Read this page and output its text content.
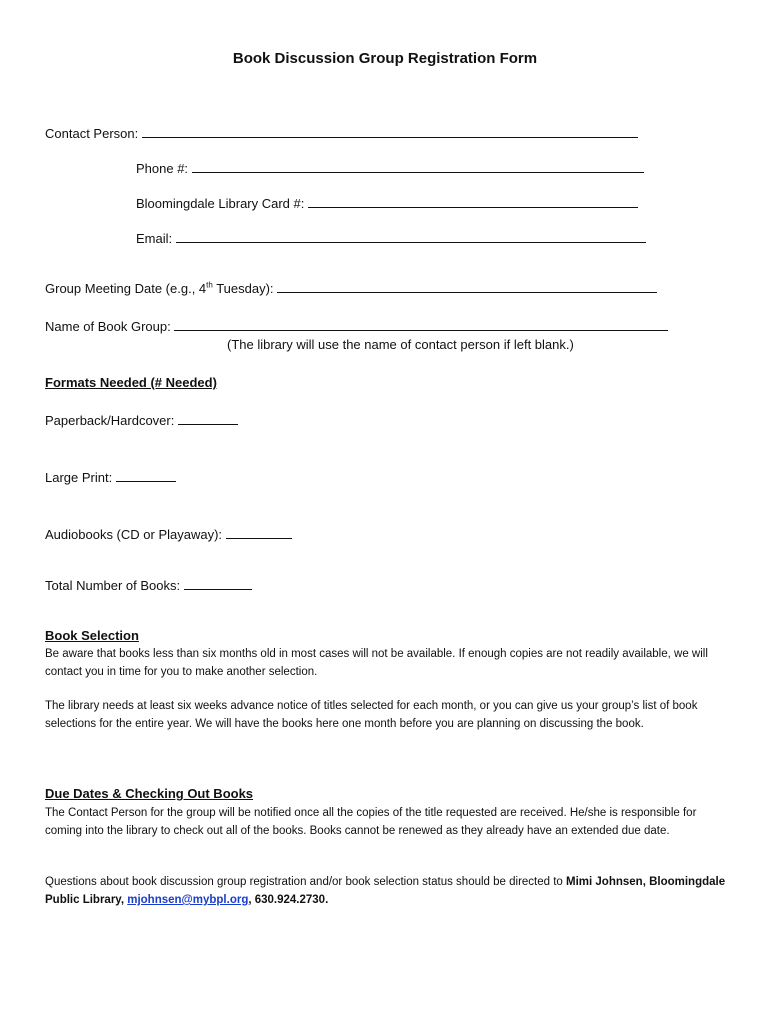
Book Discussion Group Registration Form
Contact Person:
Phone #:
Bloomingdale Library Card #:
Email:
Group Meeting Date (e.g., 4th Tuesday):
Name of Book Group:
(The library will use the name of contact person if left blank.)
Formats Needed (# Needed)
Paperback/Hardcover:
Large Print:
Audiobooks (CD or Playaway):
Total Number of Books:
Book Selection
Be aware that books less than six months old in most cases will not be available. If enough copies are not readily available, we will contact you in time for you to make another selection.
The library needs at least six weeks advance notice of titles selected for each month, or you can give us your group’s list of book selections for the entire year. We will have the books here one month before you are planning on discussing the book.
Due Dates & Checking Out Books
The Contact Person for the group will be notified once all the copies of the title requested are received. He/she is responsible for coming into the library to check out all of the books. Books cannot be renewed as they already have an extended due date.
Questions about book discussion group registration and/or book selection status should be directed to Mimi Johnsen, Bloomingdale Public Library, mjohnsen@mybpl.org, 630.924.2730.
